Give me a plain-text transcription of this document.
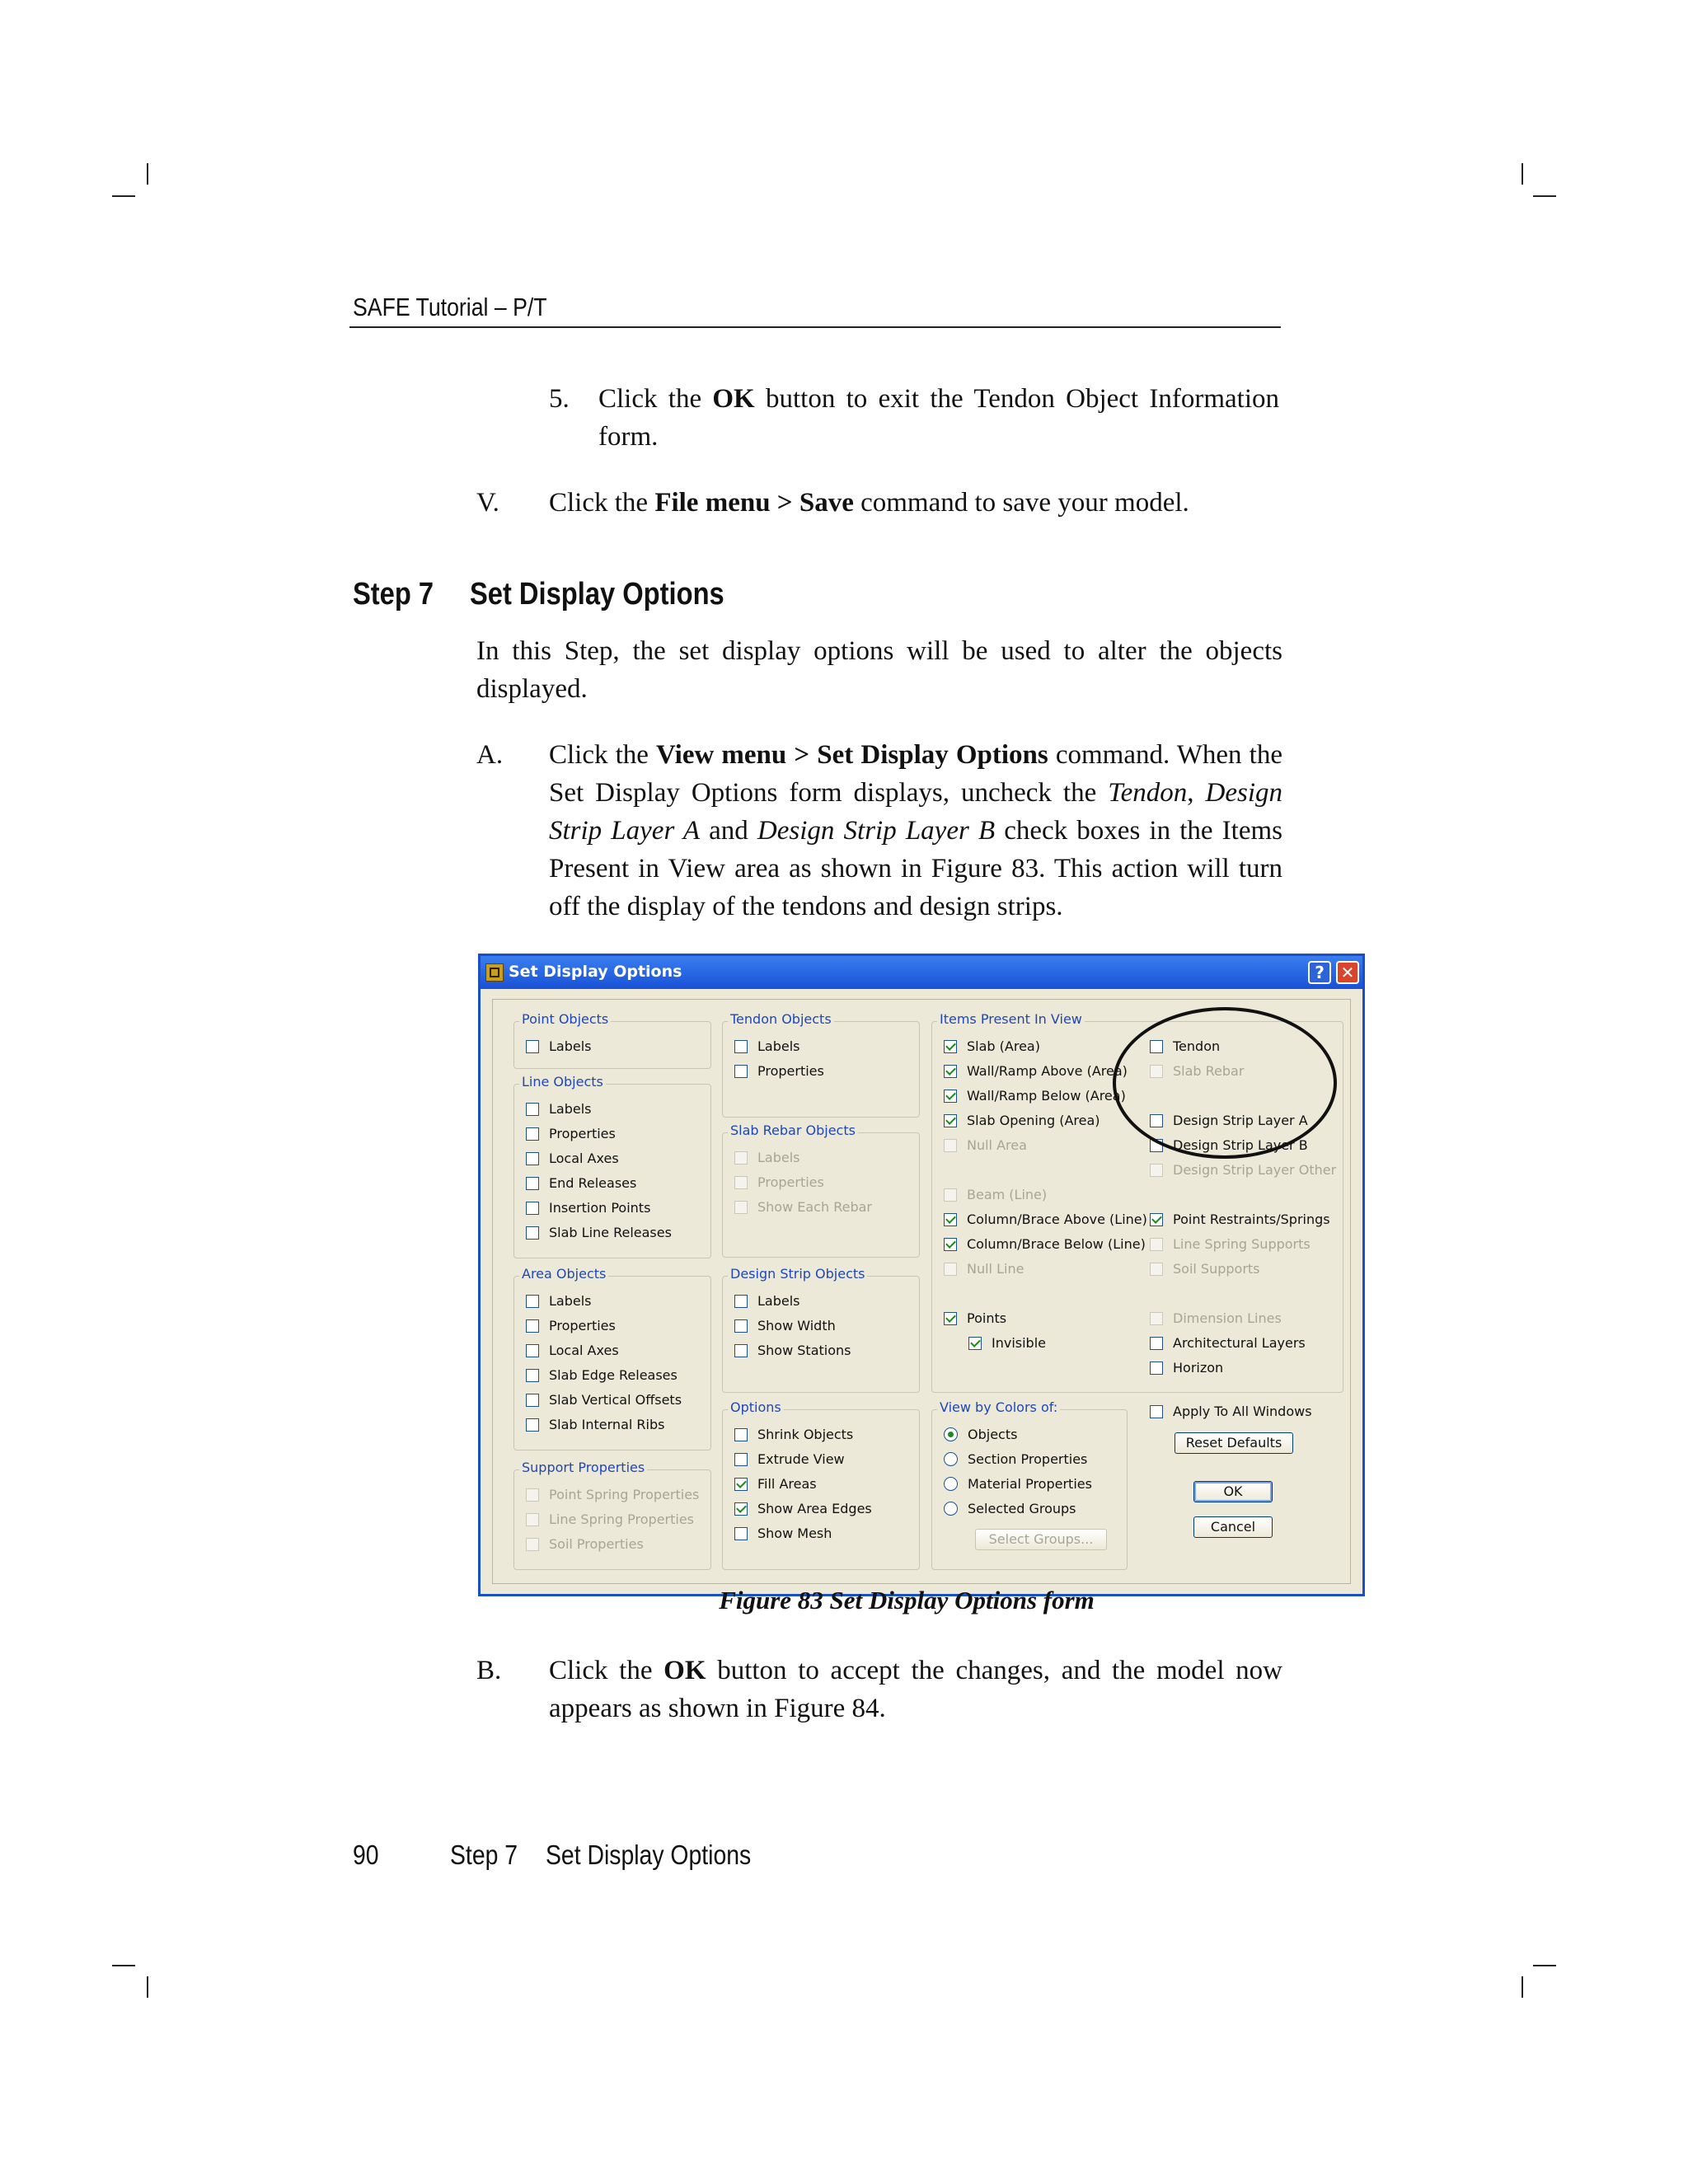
SAFE Tutorial – P/T
5. Click the OK button to exit the Tendon Object Information form.
V. Click the File menu > Save command to save your model.
Step 7 Set Display Options
In this Step, the set display options will be used to alter the objects displayed.
A. Click the View menu > Set Display Options command. When the Set Display Options form displays, uncheck the Tendon, Design Strip Layer A and Design Strip Layer B check boxes in the Items Present in View area as shown in Figure 83. This action will turn off the display of the tendons and design strips.
Set Display Options	? ✕
Point Objects
Labels
Line Objects
Labels
Properties
Local Axes
End Releases
Insertion Points
Slab Line Releases
Area Objects
Labels
Properties
Local Axes
Slab Edge Releases
Slab Vertical Offsets
Slab Internal Ribs
Support Properties
Point Spring Properties
Line Spring Properties
Soil Properties
Tendon Objects
Labels
Properties
Slab Rebar Objects
Labels
Properties
Show Each Rebar
Design Strip Objects
Labels
Show Width
Show Stations
Options
Shrink Objects
Extrude View
Fill Areas
Show Area Edges
Show Mesh
Items Present In View
Slab (Area)
Wall/Ramp Above (Area)
Wall/Ramp Below (Area)
Slab Opening (Area)
Null Area
Beam (Line)
Column/Brace Above (Line)
Column/Brace Below (Line)
Null Line
Points
Invisible
Tendon
Slab Rebar
Design Strip Layer A
Design Strip Layer B
Design Strip Layer Other
Point Restraints/Springs
Line Spring Supports
Soil Supports
Dimension Lines
Architectural Layers
Horizon
View by Colors of:
Objects
Section Properties
Material Properties
Selected Groups
Select Groups...
Apply To All Windows
Reset Defaults
OK
Cancel
Figure 83 Set Display Options form
B. Click the OK button to accept the changes, and the model now appears as shown in Figure 84.
90	Step 7 Set Display Options
